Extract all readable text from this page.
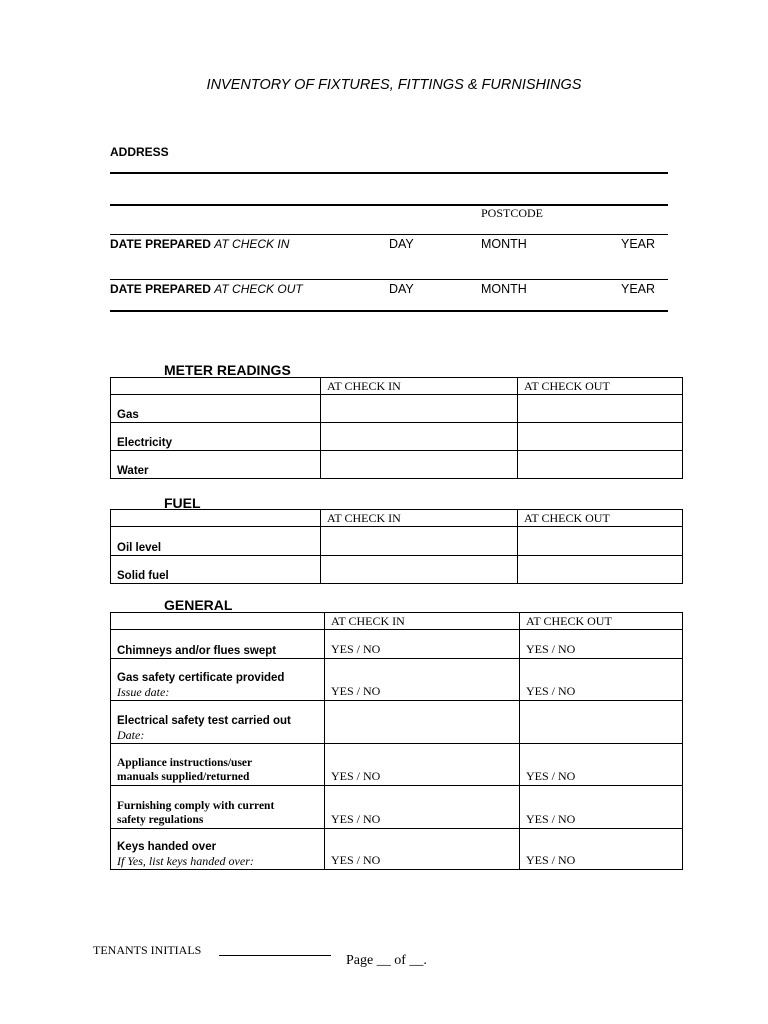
INVENTORY OF FIXTURES, FITTINGS & FURNISHINGS
ADDRESS
POSTCODE
DATE PREPARED AT CHECK IN	DAY	MONTH	YEAR
DATE PREPARED AT CHECK OUT	DAY	MONTH	YEAR
METER READINGS
	AT CHECK IN	AT CHECK OUT

Gas		

Electricity		

Water		

FUEL
	AT CHECK IN	AT CHECK OUT

Oil level		

Solid fuel		

GENERAL
	AT CHECK IN	AT CHECK OUT

Chimneys and/or flues swept	YES / NO	YES / NO

Gas safety certificate provided
Issue date:	YES / NO	YES / NO

Electrical safety test carried out
Date:		

Appliance instructions/user
manuals supplied/returned	YES / NO	YES / NO

Furnishing comply with current
safety regulations	YES / NO	YES / NO

Keys handed over
If Yes, list keys handed over:	YES / NO	YES / NO
TENANTS INITIALS
Page __ of __.
